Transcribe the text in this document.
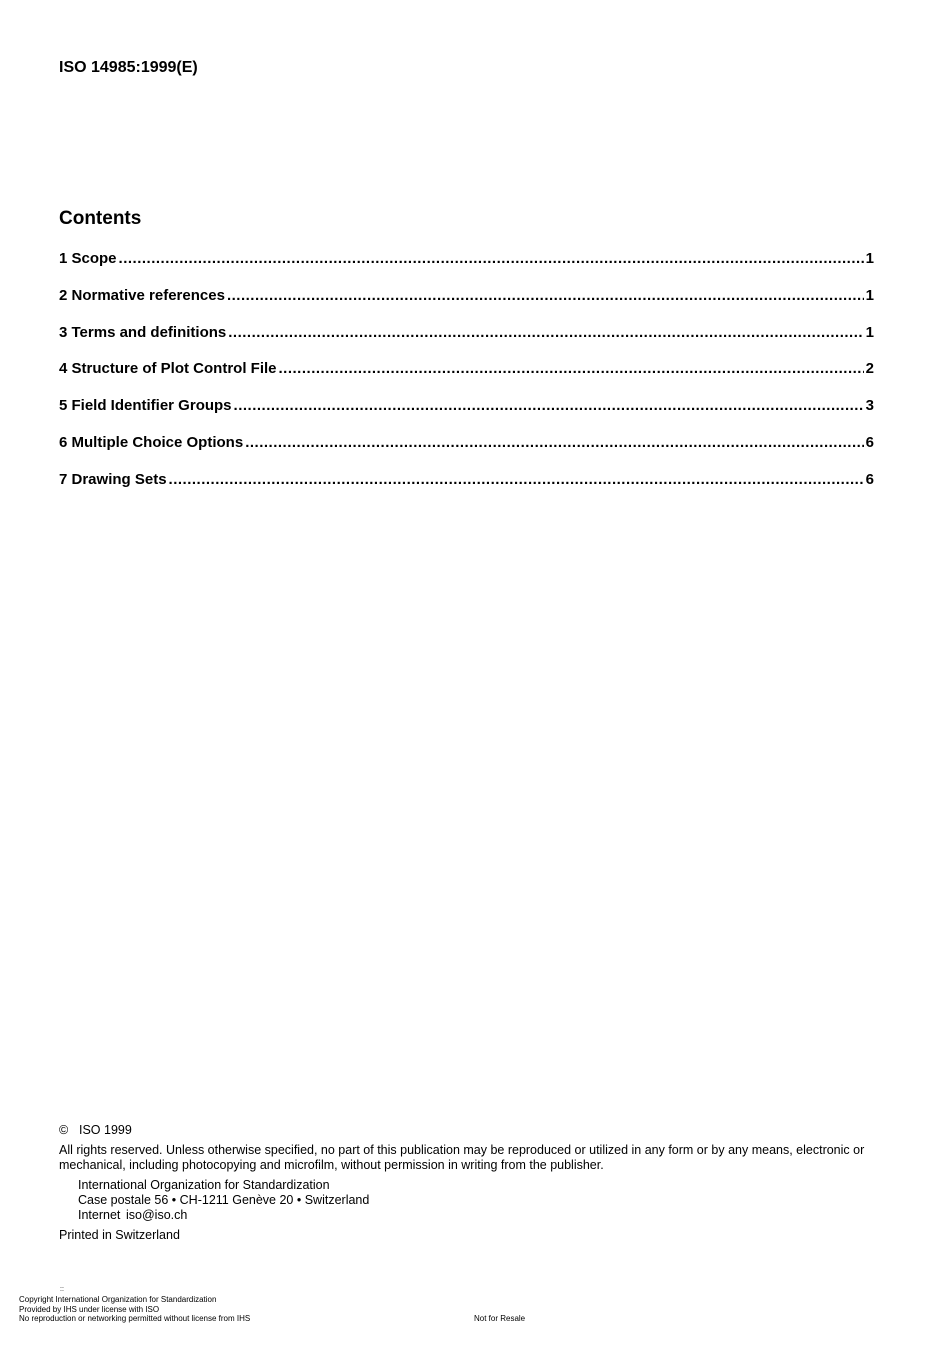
ISO 14985:1999(E)
Contents
1 Scope .....	1
2 Normative references .....	1
3 Terms and definitions .....	1
4 Structure of Plot Control File .....	2
5 Field Identifier Groups .....	3
6 Multiple Choice Options .....	6
7 Drawing Sets .....	6
© ISO 1999
All rights reserved. Unless otherwise specified, no part of this publication may be reproduced or utilized in any form or by any means, electronic or mechanical, including photocopying and microfilm, without permission in writing from the publisher.
International Organization for Standardization
Case postale 56 • CH-1211 Genève 20 • Switzerland
Internet iso@iso.ch
Printed in Switzerland
::
Copyright International Organization for Standardization
Provided by IHS under license with ISO
No reproduction or networking permitted without license from IHS	Not for Resale
